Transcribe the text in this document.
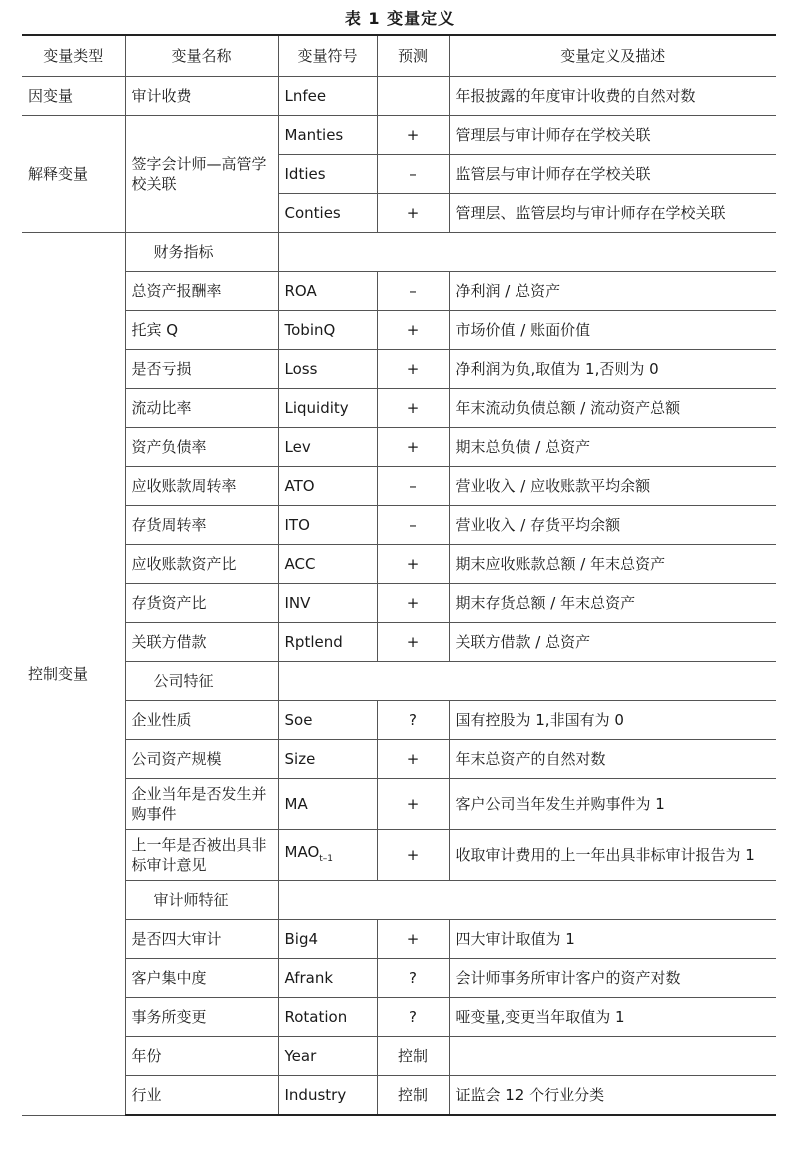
表 1 变量定义
变量类型	变量名称	变量符号	预测	变量定义及描述
因变量	审计收费	Lnfee		年报披露的年度审计收费的自然对数
解释变量	签字会计师—高管学校关联	Manties	+	管理层与审计师存在学校关联
		Idties	–	监管层与审计师存在学校关联
		Conties	+	管理层、监管层均与审计师存在学校关联
控制变量	财务指标			
	总资产报酬率	ROA	–	净利润 / 总资产
	托宾 Q	TobinQ	+	市场价值 / 账面价值
	是否亏损	Loss	+	净利润为负,取值为 1,否则为 0
	流动比率	Liquidity	+	年末流动负债总额 / 流动资产总额
	资产负债率	Lev	+	期末总负债 / 总资产
	应收账款周转率	ATO	–	营业收入 / 应收账款平均余额
	存货周转率	ITO	–	营业收入 / 存货平均余额
	应收账款资产比	ACC	+	期末应收账款总额 / 年末总资产
	存货资产比	INV	+	期末存货总额 / 年末总资产
	关联方借款	Rptlend	+	关联方借款 / 总资产
	公司特征			
	企业性质	Soe	?	国有控股为 1,非国有为 0
	公司资产规模	Size	+	年末总资产的自然对数
	企业当年是否发生并购事件	MA	+	客户公司当年发生并购事件为 1
	上一年是否被出具非标审计意见	$MAO_{t-1}$	+	收取审计费用的上一年出具非标审计报告为 1
	审计师特征			
	是否四大审计	Big4	+	四大审计取值为 1
	客户集中度	Afrank	?	会计师事务所审计客户的资产对数
	事务所变更	Rotation	?	哑变量,变更当年取值为 1
	年份	Year	控制	
	行业	Industry	控制	证监会 12 个行业分类
